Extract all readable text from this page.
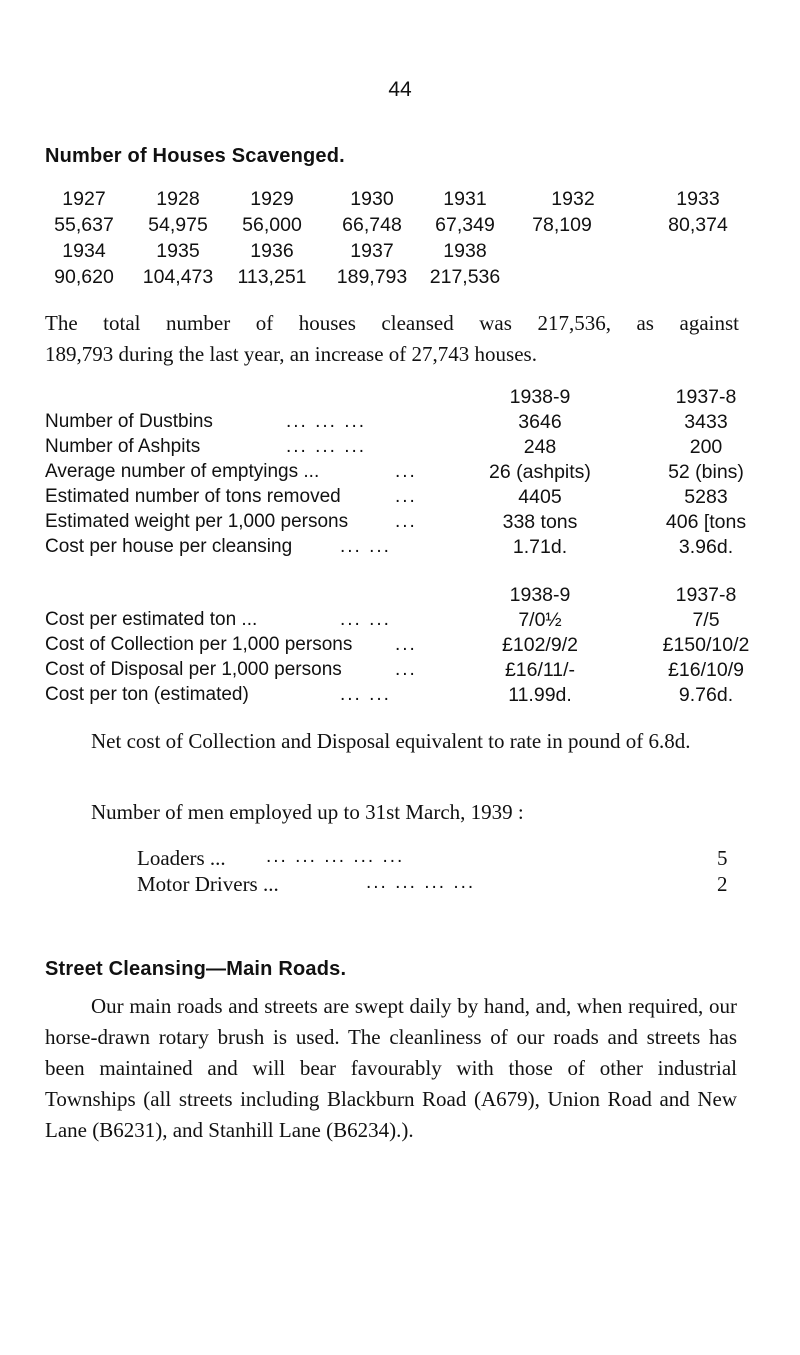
44
Number of Houses Scavenged.
1927	1928	1929	1930	1931	1932	1933
55,637	54,975	56,000	66,748	67,349	78,109	80,374
1934	1935	1936	1937	1938
90,620	104,473 113,251 189,793 217,536
The total number of houses cleansed was 217,536, as against
189,793 during the last year, an increase of 27,743 houses.
1938-9	1937-8
Number of Dustbins	... ... ...	3646	3433
Number of Ashpits	... ... ...	248	200
Average number of emptyings ...	...	26 (ashpits)	52 (bins)
Estimated number of tons removed	...	4405	5283
Estimated weight per 1,000 persons ...	338 tons	406 [tons
Cost per house per cleansing	... ...	1.71d.	3.96d.
1938-9	1937-8
Cost per estimated ton ...	... ...	7/0½	7/5
Cost of Collection per 1,000 persons ...	£102/9/2	£150/10/2
Cost of Disposal per 1,000 persons	...	£16/11/-	£16/10/9
Cost per ton (estimated)	... ...	11.99d.	9.76d.
Net cost of Collection and Disposal equivalent to rate in pound of 6.8d.
Number of men employed up to 31st March, 1939 :
Loaders ... ... ... ... ... ...	5
Motor Drivers ...	... ... ... ...	2
Street Cleansing—Main Roads.
Our main roads and streets are swept daily by hand, and, when required, our horse-drawn rotary brush is used. The cleanliness of our roads and streets has been maintained and will bear favourably with those of other industrial Townships (all streets including Blackburn Road (A679), Union Road and New Lane (B6231), and Stanhill Lane (B6234).).
